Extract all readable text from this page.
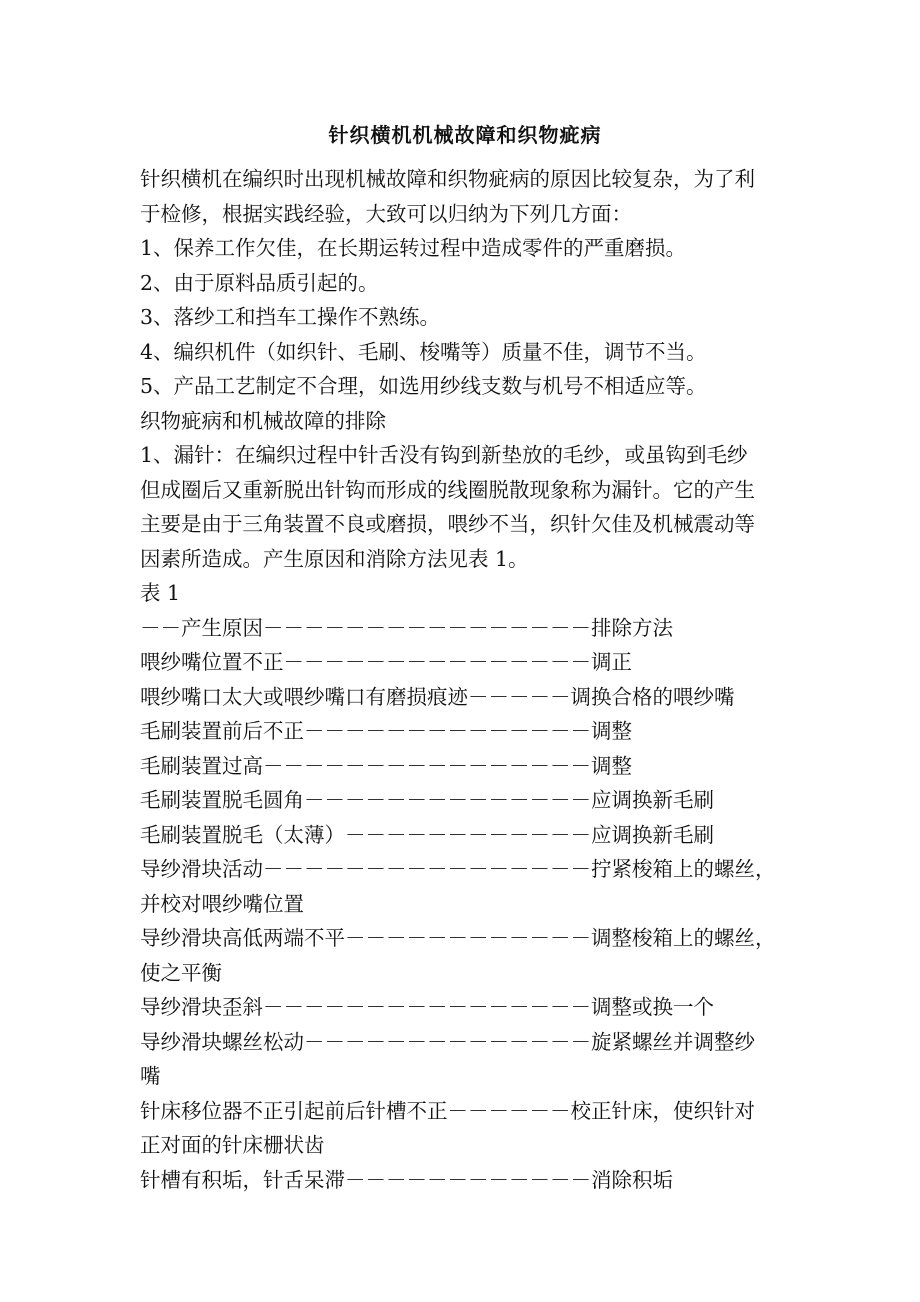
针织横机机械故障和织物疵病
针织横机在编织时出现机械故障和织物疵病的原因比较复杂，为了利
于检修，根据实践经验，大致可以归纳为下列几方面：
1、保养工作欠佳，在长期运转过程中造成零件的严重磨损。
2、由于原料品质引起的。
3、落纱工和挡车工操作不熟练。
4、编织机件（如织针、毛刷、梭嘴等）质量不佳，调节不当。
5、产品工艺制定不合理，如选用纱线支数与机号不相适应等。
织物疵病和机械故障的排除
1、漏针：在编织过程中针舌没有钩到新垫放的毛纱，或虽钩到毛纱
但成圈后又重新脱出针钩而形成的线圈脱散现象称为漏针。它的产生
主要是由于三角装置不良或磨损，喂纱不当，织针欠佳及机械震动等
因素所造成。产生原因和消除方法见表 1。
表 1
－－产生原因－－－－－－－－－－－－－－－－排除方法
喂纱嘴位置不正－－－－－－－－－－－－－－－调正
喂纱嘴口太大或喂纱嘴口有磨损痕迹－－－－－调换合格的喂纱嘴
毛刷装置前后不正－－－－－－－－－－－－－－调整
毛刷装置过高－－－－－－－－－－－－－－－－调整
毛刷装置脱毛圆角－－－－－－－－－－－－－－应调换新毛刷
毛刷装置脱毛（太薄）－－－－－－－－－－－－应调换新毛刷
导纱滑块活动－－－－－－－－－－－－－－－－拧紧梭箱上的螺丝，
并校对喂纱嘴位置
导纱滑块高低两端不平－－－－－－－－－－－－调整梭箱上的螺丝，
使之平衡
导纱滑块歪斜－－－－－－－－－－－－－－－－调整或换一个
导纱滑块螺丝松动－－－－－－－－－－－－－－旋紧螺丝并调整纱
嘴
针床移位器不正引起前后针槽不正－－－－－－校正针床，使织针对
正对面的针床栅状齿
针槽有积垢，针舌呆滞－－－－－－－－－－－－消除积垢
